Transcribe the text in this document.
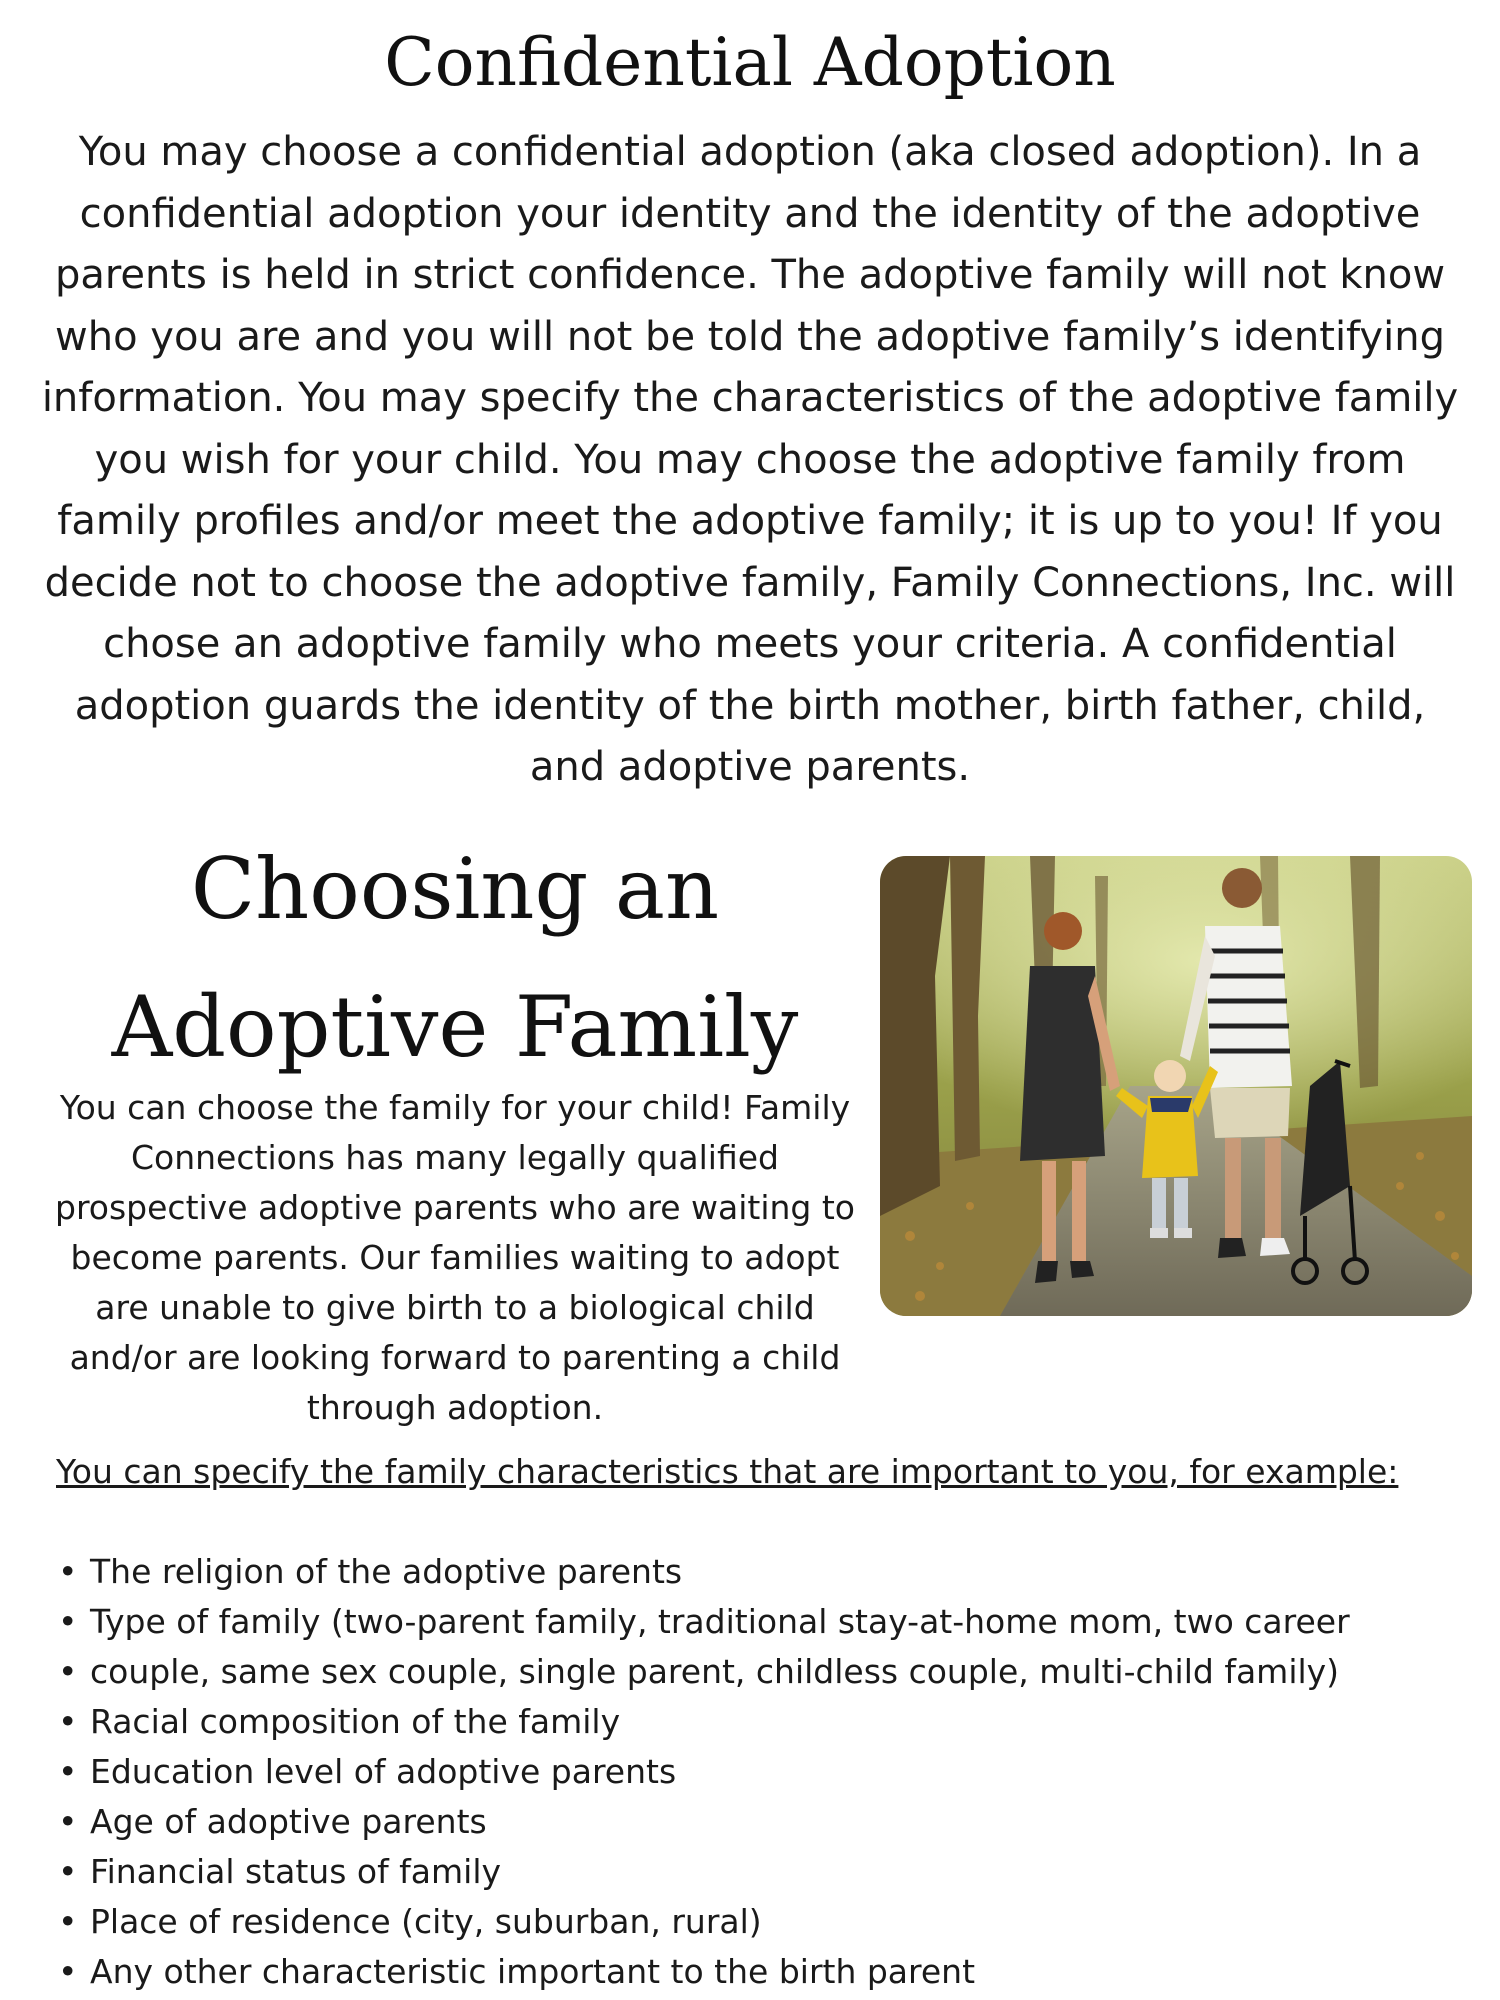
Confidential Adoption

You may choose a confidential adoption (aka closed adoption). In a confidential adoption your identity and the identity of the adoptive parents is held in strict confidence. The adoptive family will not know who you are and you will not be told the adoptive family’s identifying information. You may specify the characteristics of the adoptive family you wish for your child. You may choose the adoptive family from family profiles and/or meet the adoptive family; it is up to you! If you decide not to choose the adoptive family, Family Connections, Inc. will chose an adoptive family who meets your criteria. A confidential adoption guards the identity of the birth mother, birth father, child, and adoptive parents.

Choosing an
Adoptive Family

You can choose the family for your child! Family Connections has many legally qualified prospective adoptive parents who are waiting to become parents. Our families waiting to adopt are unable to give birth to a biological child and/or are looking forward to parenting a child through adoption.

You can specify the family characteristics that are important to you, for example:

• The religion of the adoptive parents
• Type of family (two-parent family, traditional stay-at-home mom, two career
• couple, same sex couple, single parent, childless couple, multi-child family)
• Racial composition of the family
• Education level of adoptive parents
• Age of adoptive parents
• Financial status of family
• Place of residence (city, suburban, rural)
• Any other characteristic important to the birth parent
